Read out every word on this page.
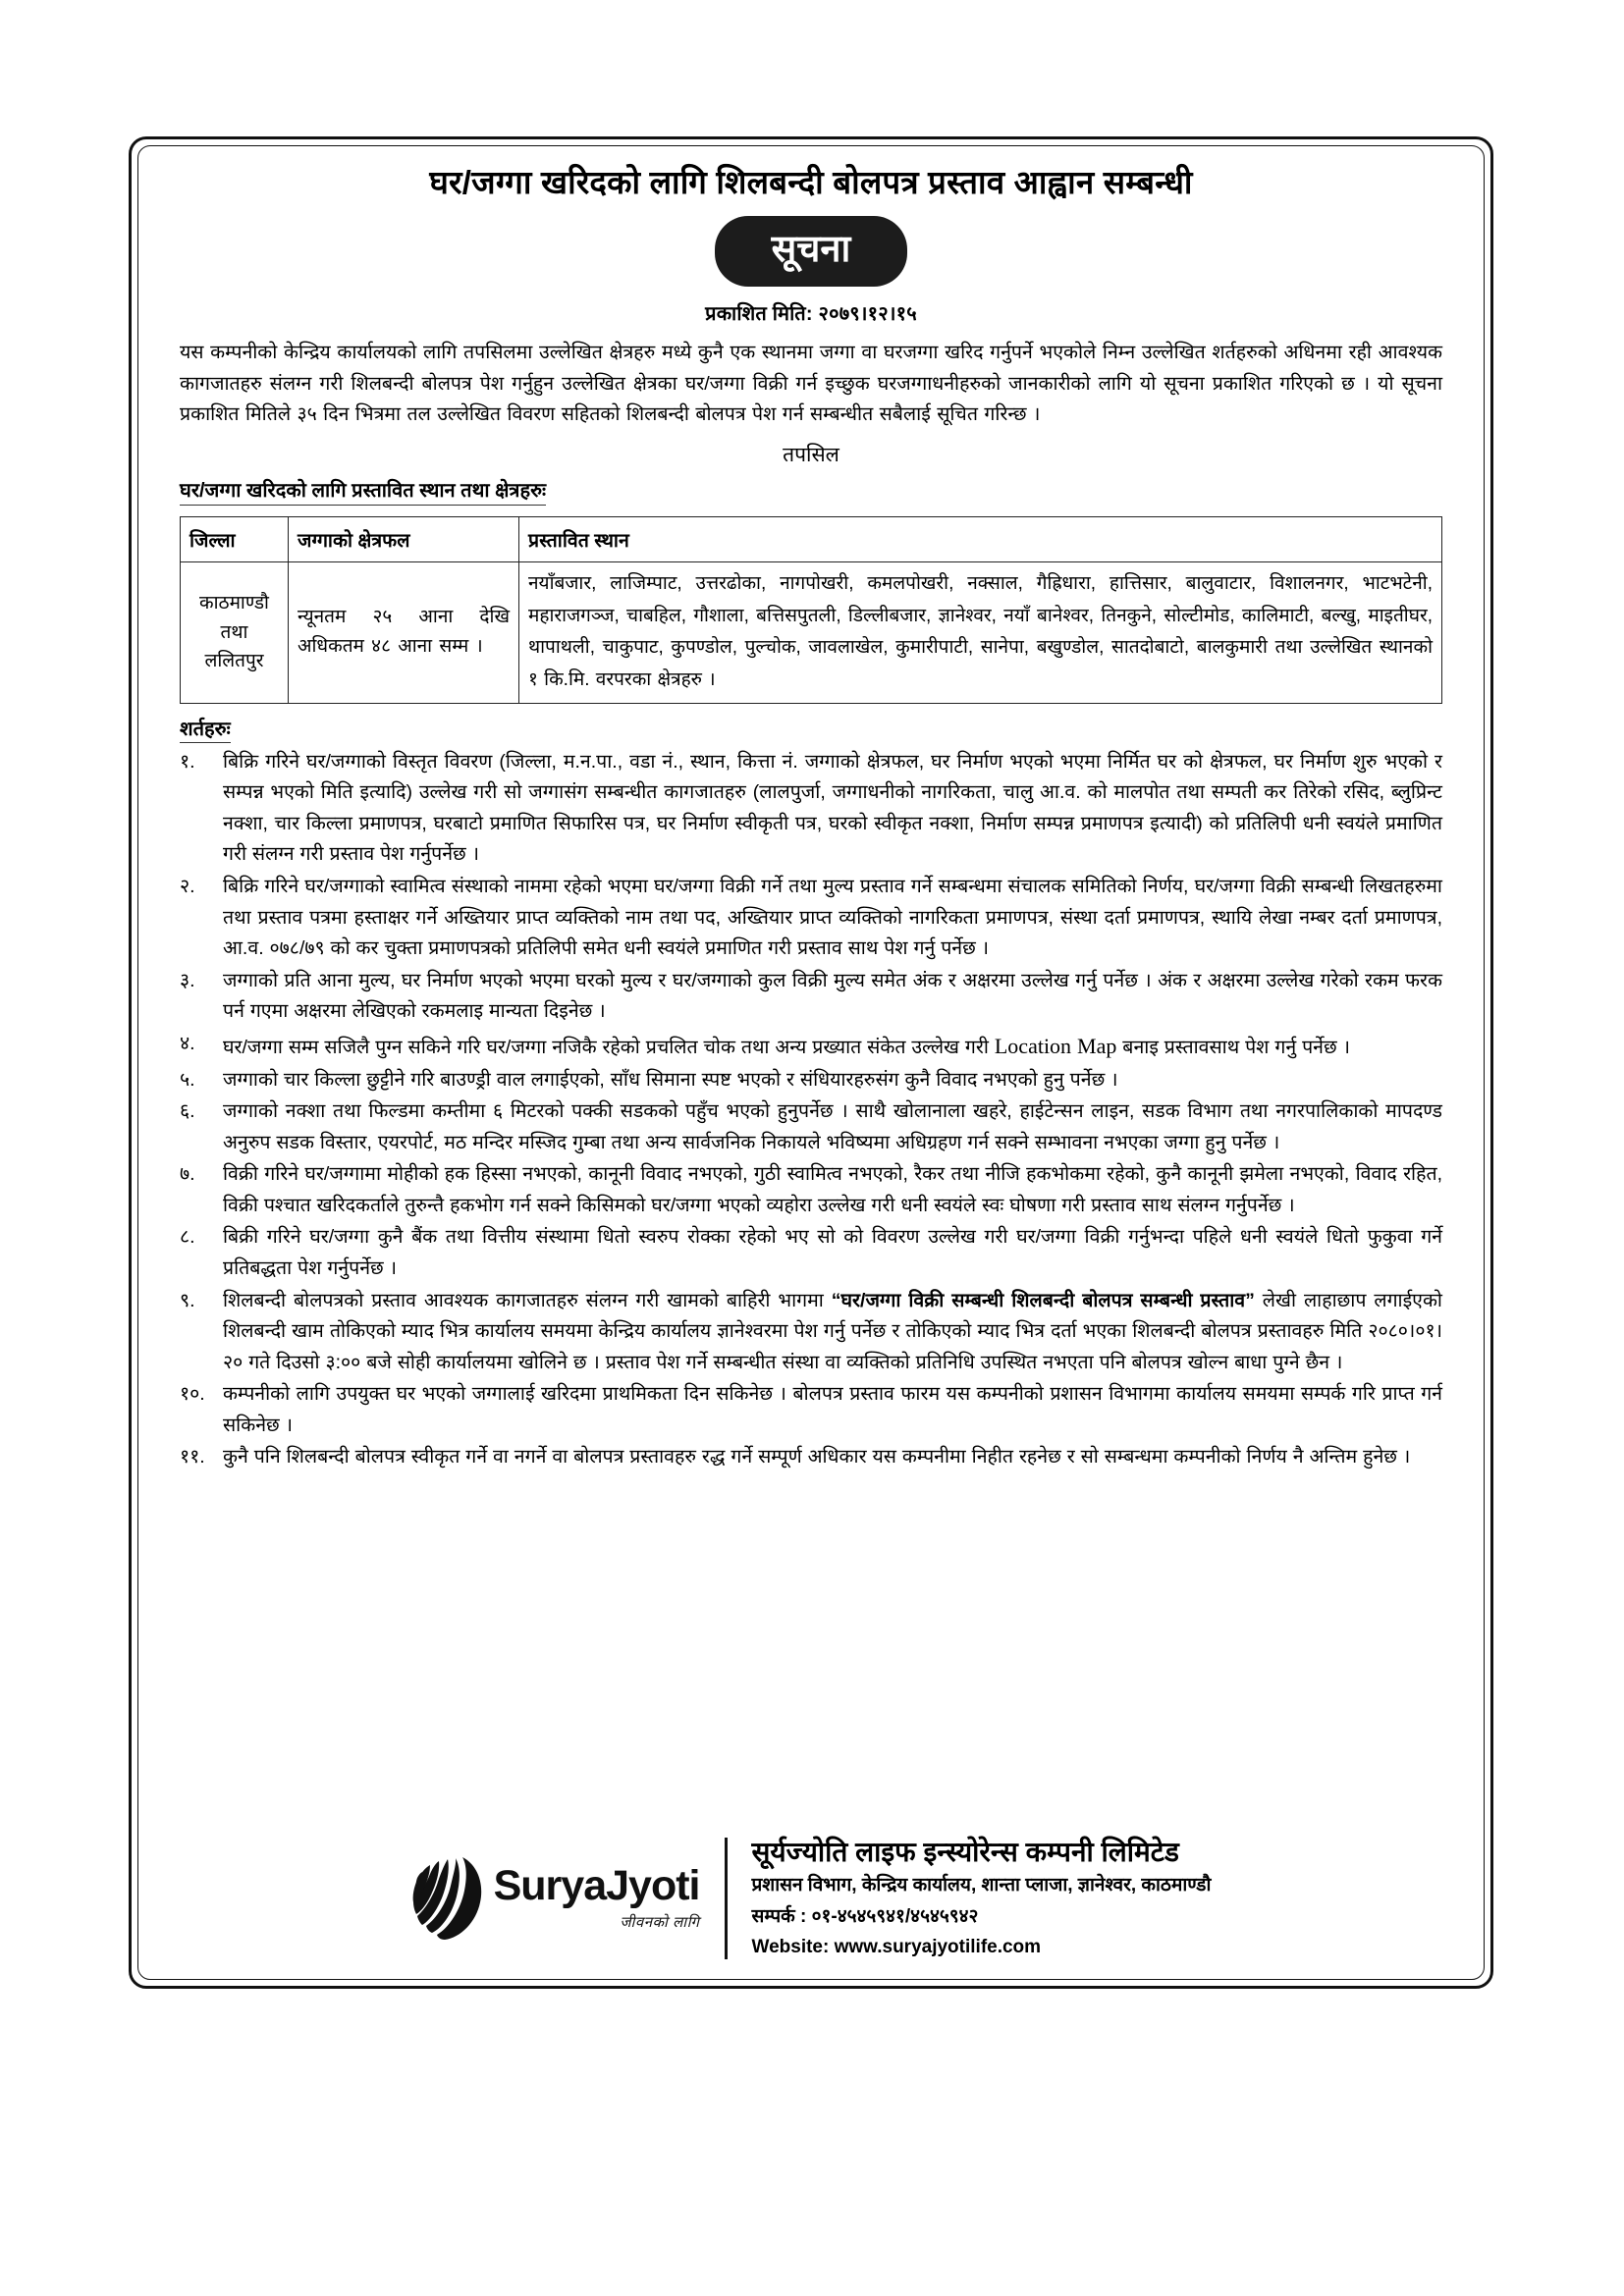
घर/जग्गा खरिदको लागि शिलबन्दी बोलपत्र प्रस्ताव आह्वान सम्बन्धी
सूचना
प्रकाशित मिति: २०७९।१२।१५
यस कम्पनीको केन्द्रिय कार्यालयको लागि तपसिलमा उल्लेखित क्षेत्रहरु मध्ये कुनै एक स्थानमा जग्गा वा घरजग्गा खरिद गर्नुपर्ने भएकोले निम्न उल्लेखित शर्तहरुको अधिनमा रही आवश्यक कागजातहरु संलग्न गरी शिलबन्दी बोलपत्र पेश गर्नुहुन उल्लेखित क्षेत्रका घर/जग्गा विक्री गर्न इच्छुक घरजग्गाधनीहरुको जानकारीको लागि यो सूचना प्रकाशित गरिएको छ । यो सूचना प्रकाशित मितिले ३५ दिन भित्रमा तल उल्लेखित विवरण सहितको शिलबन्दी बोलपत्र पेश गर्न सम्बन्धीत सबैलाई सूचित गरिन्छ ।
तपसिल
घर/जग्गा खरिदको लागि प्रस्तावित स्थान तथा क्षेत्रहरुः
जिल्ला	जग्गाको क्षेत्रफल	प्रस्तावित स्थान
काठमाण्डौ तथा ललितपुर	न्यूनतम २५ आना देखि अधिकतम ४८ आना सम्म ।	नयाँबजार, लाजिम्पाट, उत्तरढोका, नागपोखरी, कमलपोखरी, नक्साल, गैह्रिधारा, हात्तिसार, बालुवाटार, विशालनगर, भाटभटेनी, महाराजगञ्ज, चाबहिल, गौशाला, बत्तिसपुतली, डिल्लीबजार, ज्ञानेश्वर, नयाँ बानेश्वर, तिनकुने, सोल्टीमोड, कालिमाटी, बल्खु, माइतीघर, थापाथली, चाकुपाट, कुपण्डोल, पुल्चोक, जावलाखेल, कुमारीपाटी, सानेपा, बखुण्डोल, सातदोबाटो, बालकुमारी तथा उल्लेखित स्थानको १ कि.मि. वरपरका क्षेत्रहरु ।
शर्तहरुः
१.	बिक्रि गरिने घर/जग्गाको विस्तृत विवरण (जिल्ला, म.न.पा., वडा नं., स्थान, कित्ता नं. जग्गाको क्षेत्रफल, घर निर्माण भएको भएमा निर्मित घर को क्षेत्रफल, घर निर्माण शुरु भएको र सम्पन्न भएको मिति इत्यादि) उल्लेख गरी सो जग्गासंग सम्बन्धीत कागजातहरु (लालपुर्जा, जग्गाधनीको नागरिकता, चालु आ.व. को मालपोत तथा सम्पती कर तिरेको रसिद, ब्लुप्रिन्ट नक्शा, चार किल्ला प्रमाणपत्र, घरबाटो प्रमाणित सिफारिस पत्र, घर निर्माण स्वीकृती पत्र, घरको स्वीकृत नक्शा, निर्माण सम्पन्न प्रमाणपत्र इत्यादी) को प्रतिलिपी धनी स्वयंले प्रमाणित गरी संलग्न गरी प्रस्ताव पेश गर्नुपर्नेछ ।
२.	बिक्रि गरिने घर/जग्गाको स्वामित्व संस्थाको नाममा रहेको भएमा घर/जग्गा विक्री गर्ने तथा मुल्य प्रस्ताव गर्ने सम्बन्धमा संचालक समितिको निर्णय, घर/जग्गा विक्री सम्बन्धी लिखतहरुमा तथा प्रस्ताव पत्रमा हस्ताक्षर गर्ने अख्तियार प्राप्त व्यक्तिको नाम तथा पद, अख्तियार प्राप्त व्यक्तिको नागरिकता प्रमाणपत्र, संस्था दर्ता प्रमाणपत्र, स्थायि लेखा नम्बर दर्ता प्रमाणपत्र, आ.व. ०७८/७९ को कर चुक्ता प्रमाणपत्रको प्रतिलिपी समेत धनी स्वयंले प्रमाणित गरी प्रस्ताव साथ पेश गर्नु पर्नेछ ।
३.	जग्गाको प्रति आना मुल्य, घर निर्माण भएको भएमा घरको मुल्य र घर/जग्गाको कुल विक्री मुल्य समेत अंक र अक्षरमा उल्लेख गर्नु पर्नेछ । अंक र अक्षरमा उल्लेख गरेको रकम फरक पर्न गएमा अक्षरमा लेखिएको रकमलाइ मान्यता दिइनेछ ।
४.	घर/जग्गा सम्म सजिलै पुग्न सकिने गरि घर/जग्गा नजिकै रहेको प्रचलित चोक तथा अन्य प्रख्यात संकेत उल्लेख गरी Location Map बनाइ प्रस्तावसाथ पेश गर्नु पर्नेछ ।
५.	जग्गाको चार किल्ला छुट्टीने गरि बाउण्ड्री वाल लगाईएको, साँध सिमाना स्पष्ट भएको र संधियारहरुसंग कुनै विवाद नभएको हुनु पर्नेछ ।
६.	जग्गाको नक्शा तथा फिल्डमा कम्तीमा ६ मिटरको पक्की सडकको पहुँच भएको हुनुपर्नेछ । साथै खोलानाला खहरे, हाईटेन्सन लाइन, सडक विभाग तथा नगरपालिकाको मापदण्ड अनुरुप सडक विस्तार, एयरपोर्ट, मठ मन्दिर मस्जिद गुम्बा तथा अन्य सार्वजनिक निकायले भविष्यमा अधिग्रहण गर्न सक्ने सम्भावना नभएका जग्गा हुनु पर्नेछ ।
७.	विक्री गरिने घर/जग्गामा मोहीको हक हिस्सा नभएको, कानूनी विवाद नभएको, गुठी स्वामित्व नभएको, रैकर तथा नीजि हकभोकमा रहेको, कुनै कानूनी झमेला नभएको, विवाद रहित, विक्री पश्चात खरिदकर्ताले तुरुन्तै हकभोग गर्न सक्ने किसिमको घर/जग्गा भएको व्यहोरा उल्लेख गरी धनी स्वयंले स्वः घोषणा गरी प्रस्ताव साथ संलग्न गर्नुपर्नेछ ।
८.	बिक्री गरिने घर/जग्गा कुनै बैंक तथा वित्तीय संस्थामा धितो स्वरुप रोक्का रहेको भए सो को विवरण उल्लेख गरी घर/जग्गा विक्री गर्नुभन्दा पहिले धनी स्वयंले धितो फुकुवा गर्ने प्रतिबद्धता पेश गर्नुपर्नेछ ।
९.	शिलबन्दी बोलपत्रको प्रस्ताव आवश्यक कागजातहरु संलग्न गरी खामको बाहिरी भागमा “घर/जग्गा विक्री सम्बन्धी शिलबन्दी बोलपत्र सम्बन्धी प्रस्ताव” लेखी लाहाछाप लगाईएको शिलबन्दी खाम तोकिएको म्याद भित्र कार्यालय समयमा केन्द्रिय कार्यालय ज्ञानेश्वरमा पेश गर्नु पर्नेछ र तोकिएको म्याद भित्र दर्ता भएका शिलबन्दी बोलपत्र प्रस्तावहरु मिति २०८०।०१।२० गते दिउसो ३:०० बजे सोही कार्यालयमा खोलिने छ । प्रस्ताव पेश गर्ने सम्बन्धीत संस्था वा व्यक्तिको प्रतिनिधि उपस्थित नभएता पनि बोलपत्र खोल्न बाधा पुग्ने छैन ।
१०. कम्पनीको लागि उपयुक्त घर भएको जग्गालाई खरिदमा प्राथमिकता दिन सकिनेछ । बोलपत्र प्रस्ताव फारम यस कम्पनीको प्रशासन विभागमा कार्यालय समयमा सम्पर्क गरि प्राप्त गर्न सकिनेछ ।
११. कुनै पनि शिलबन्दी बोलपत्र स्वीकृत गर्ने वा नगर्ने वा बोलपत्र प्रस्तावहरु रद्ध गर्ने सम्पूर्ण अधिकार यस कम्पनीमा निहीत रहनेछ र सो सम्बन्धमा कम्पनीको निर्णय नै अन्तिम हुनेछ ।
SuryaJyoti
जीवनको लागि
सूर्यज्योति लाइफ इन्स्योरेन्स कम्पनी लिमिटेड
प्रशासन विभाग, केन्द्रिय कार्यालय, शान्ता प्लाजा, ज्ञानेश्वर, काठमाण्डौ
सम्पर्क : ०१-४५४५९४१/४५४५९४२
Website: www.suryajyotilife.com
